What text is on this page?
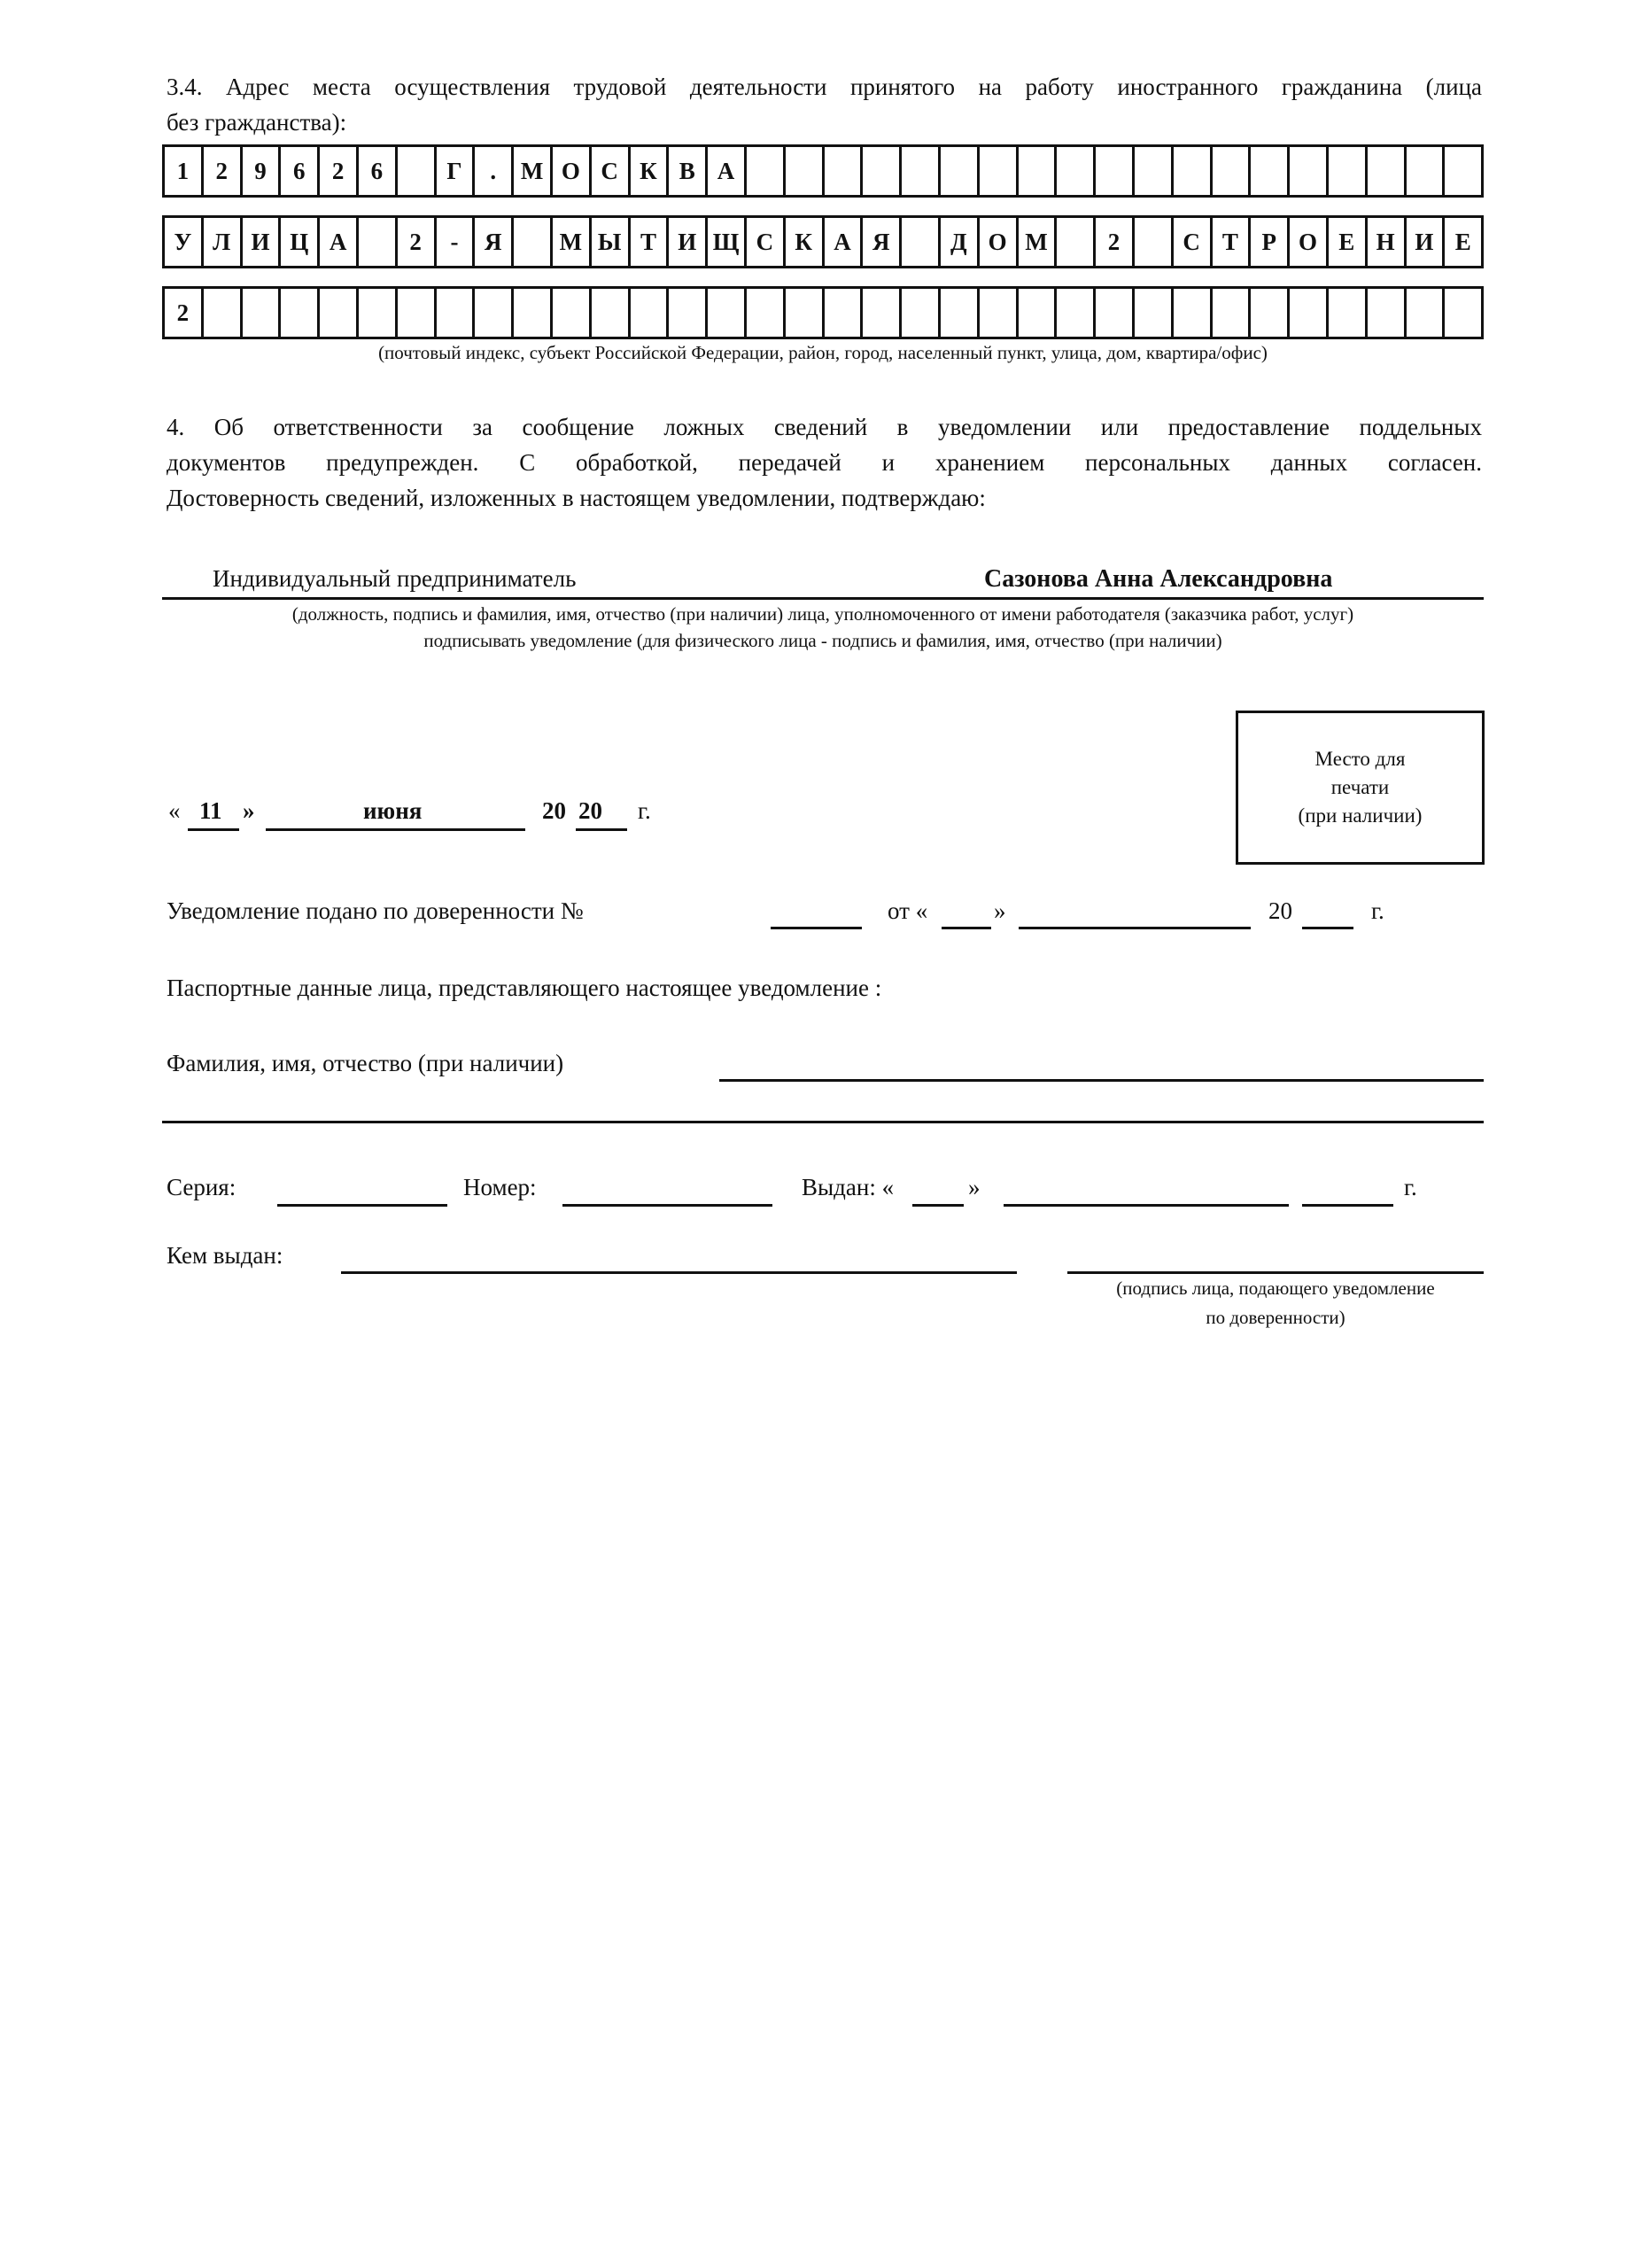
3.4. Адрес места осуществления трудовой деятельности принятого на работу иностранного гражданина (лица
без гражданства):
1	2	9	6	2	6	Г	.	М О С К В А
У Л И Ц А	2	-	Я	М Ы Т И Щ С К А Я	Д О М	2	С Т Р О Е Н И Е
2
(почтовый индекс, субъект Российской Федерации, район, город, населенный пункт, улица, дом, квартира/офис)
4. Об ответственности за сообщение ложных сведений в уведомлении или предоставление поддельных
документов предупрежден. С обработкой, передачей и хранением персональных данных согласен.
Достоверность сведений, изложенных в настоящем уведомлении, подтверждаю:
Индивидуальный предприниматель	Сазонова Анна Александровна
(должность, подпись и фамилия, имя, отчество (при наличии) лица, уполномоченного от имени работодателя (заказчика работ, услуг)
подписывать уведомление (для физического лица - подпись и фамилия, имя, отчество (при наличии)
Место для
печати
(при наличии)
« 11 »	июня	20 20 г.
Уведомление подано по доверенности №	от «	»	20	г.
Паспортные данные лица, представляющего настоящее уведомление :
Фамилия, имя, отчество (при наличии)
Серия:	Номер:	Выдан: «	»	г.
Кем выдан:
(подпись лица, подающего уведомление
по доверенности)
